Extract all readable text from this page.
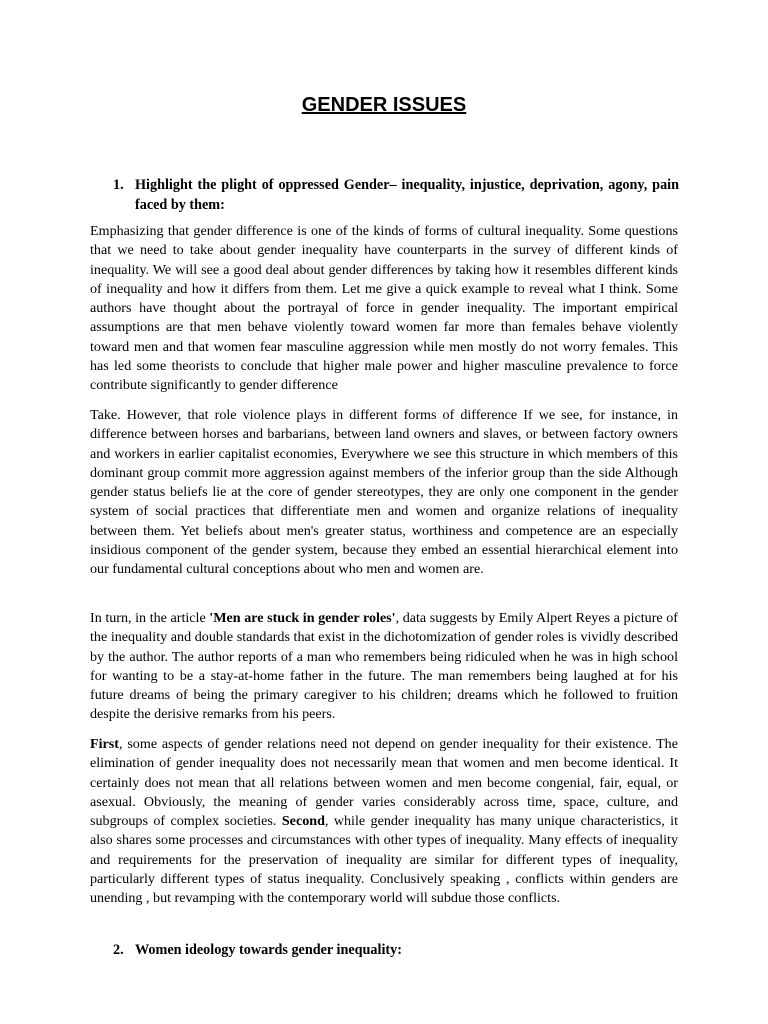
GENDER ISSUES
1. Highlight the plight of oppressed Gender– inequality, injustice, deprivation, agony, pain faced by them:

Emphasizing that gender difference is one of the kinds of forms of cultural inequality. Some questions that we need to take about gender inequality have counterparts in the survey of different kinds of inequality. We will see a good deal about gender differences by taking how it resembles different kinds of inequality and how it differs from them. Let me give a quick example to reveal what I think. Some authors have thought about the portrayal of force in gender inequality. The important empirical assumptions are that men behave violently toward women far more than females behave violently toward men and that women fear masculine aggression while men mostly do not worry females. This has led some theorists to conclude that higher male power and higher masculine prevalence to force contribute significantly to gender difference

Take. However, that role violence plays in different forms of difference If we see, for instance, in difference between horses and barbarians, between land owners and slaves, or between factory owners and workers in earlier capitalist economies, Everywhere we see this structure in which members of this dominant group commit more aggression against members of the inferior group than the side Although gender status beliefs lie at the core of gender stereotypes, they are only one component in the gender system of social practices that differentiate men and women and organize relations of inequality between them. Yet beliefs about men's greater status, worthiness and competence are an especially insidious component of the gender system, because they embed an essential hierarchical element into our fundamental cultural conceptions about who men and women are.

In turn, in the article 'Men are stuck in gender roles', data suggests by Emily Alpert Reyes a picture of the inequality and double standards that exist in the dichotomization of gender roles is vividly described by the author. The author reports of a man who remembers being ridiculed when he was in high school for wanting to be a stay-at-home father in the future. The man remembers being laughed at for his future dreams of being the primary caregiver to his children; dreams which he followed to fruition despite the derisive remarks from his peers.

First, some aspects of gender relations need not depend on gender inequality for their existence. The elimination of gender inequality does not necessarily mean that women and men become identical. It certainly does not mean that all relations between women and men become congenial, fair, equal, or asexual. Obviously, the meaning of gender varies considerably across time, space, culture, and subgroups of complex societies. Second, while gender inequality has many unique characteristics, it also shares some processes and circumstances with other types of inequality. Many effects of inequality and requirements for the preservation of inequality are similar for different types of inequality, particularly different types of status inequality. Conclusively speaking , conflicts within genders are unending , but revamping with the contemporary world will subdue those conflicts.

2. Women ideology towards gender inequality:
